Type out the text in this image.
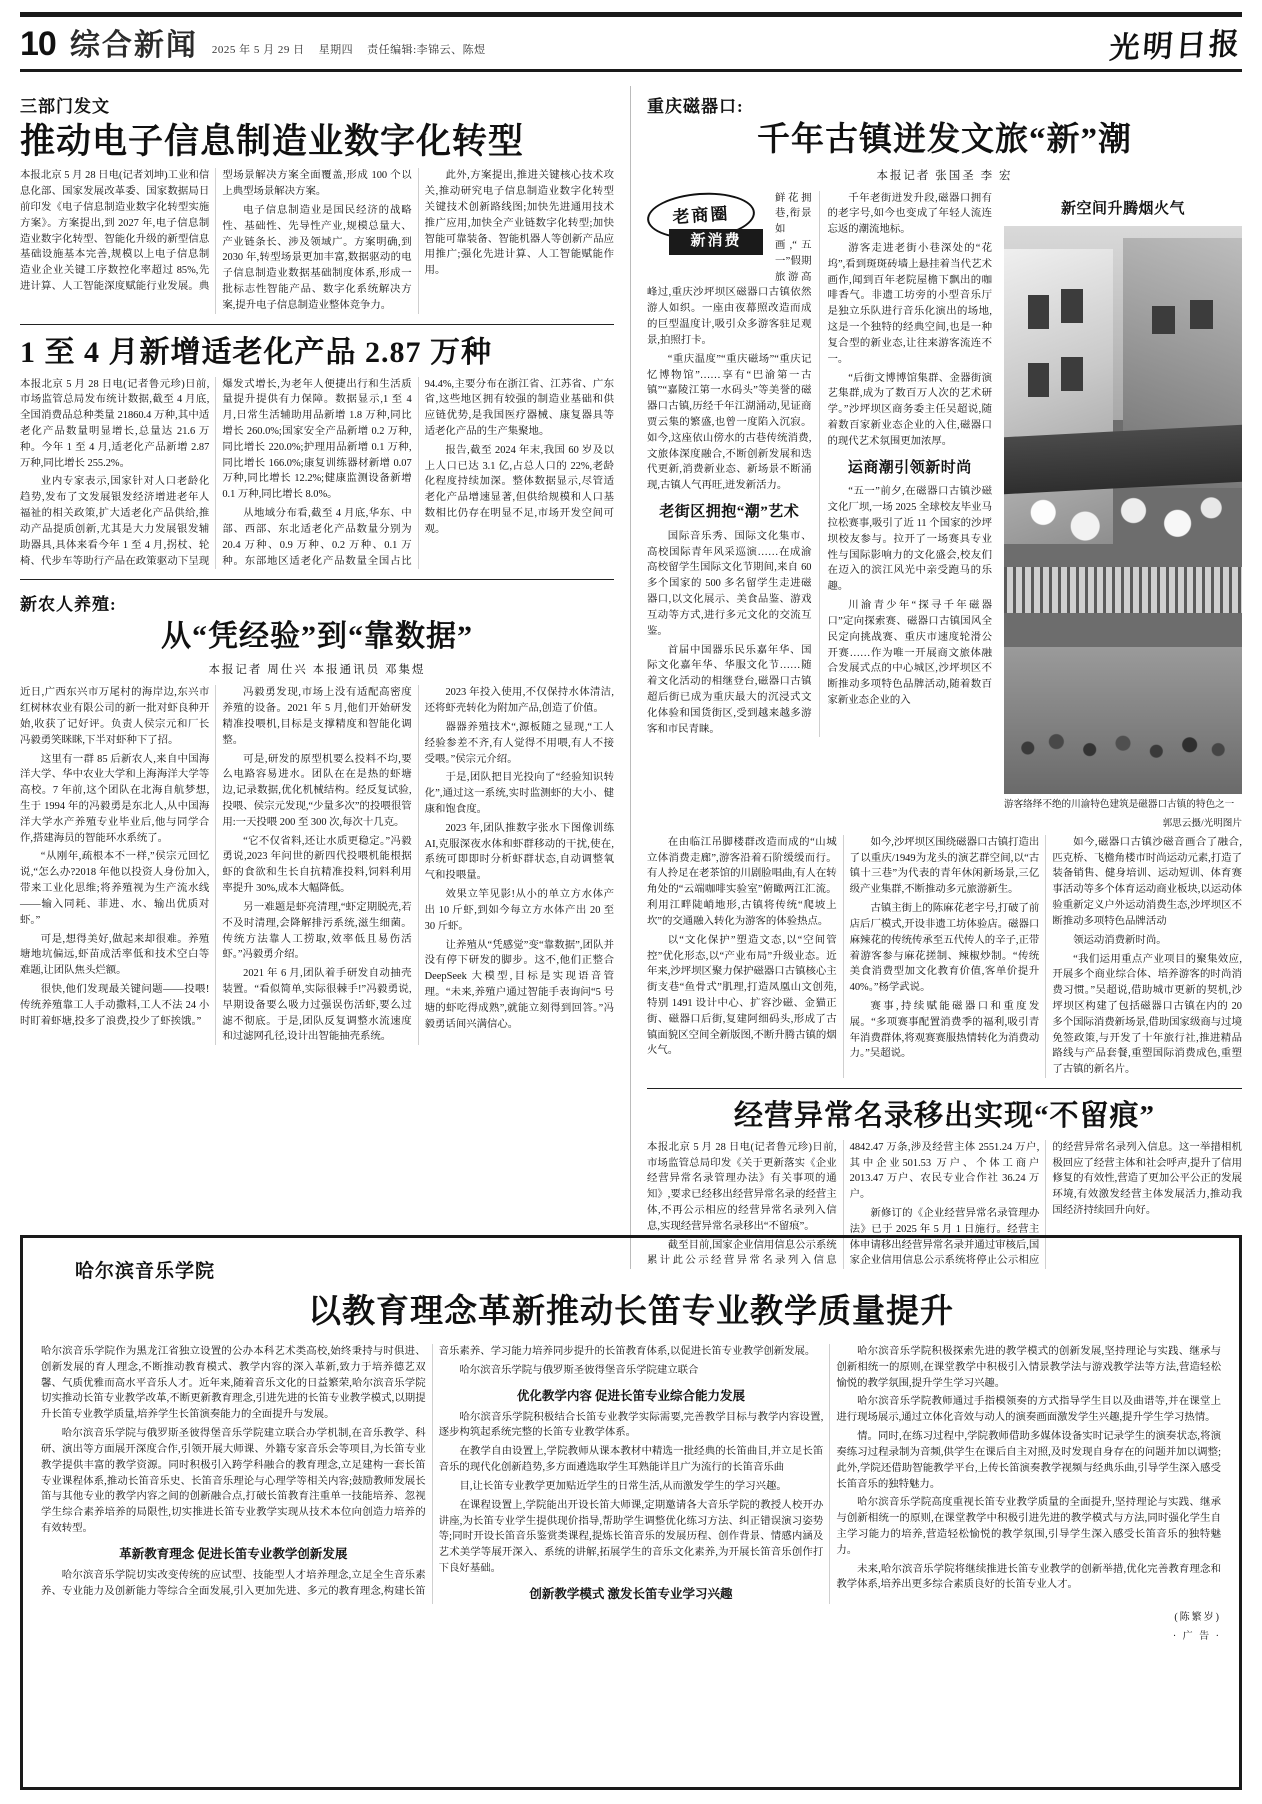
10 综合新闻 2025 年 5 月 29 日 星期四 责任编辑:李锦云、陈煜	光明日报
三部门发文
推动电子信息制造业数字化转型

本报北京 5 月 28 日电(记者刘坤)工业和信息化部、国家发展改革委、国家数据局日前印发《电子信息制造业数字化转型实施方案》。方案提出,到 2027 年,电子信息制造业数字化转型、智能化升级的新型信息基础设施基本完善,规模以上电子信息制造业企业关键工序数控化率超过 85%,先进计算、人工智能深度赋能行业发展。典型场景解决方案全面覆盖,形成 100 个以上典型场景解决方案。

电子信息制造业是国民经济的战略性、基础性、先导性产业,规模总量大、产业链条长、涉及领域广。方案明确,到 2030 年,转型场景更加丰富,数据驱动的电子信息制造业数据基础制度体系,形成一批标志性智能产品、数字化系统解决方案,提升电子信息制造业整体竞争力。

此外,方案提出,推进关键核心技术攻关,推动研究电子信息制造业数字化转型关键技术创新路线图;加快先进通用技术推广应用,加快全产业链数字化转型;加快智能可靠装备、智能机器人等创新产品应用推广;强化先进计算、人工智能赋能作用。

1 至 4 月新增适老化产品 2.87 万种

本报北京 5 月 28 日电(记者鲁元珍)日前,市场监管总局发布统计数据,截至 4 月底,全国消费品总种类量 21860.4 万种,其中适老化产品数量明显增长,总量达 21.6 万种。今年 1 至 4 月,适老化产品新增 2.87 万种,同比增长 255.2%。

业内专家表示,国家针对人口老龄化趋势,发布了文发展银发经济增进老年人福祉的相关政策,扩大适老化产品供给,推动产品提质创新,尤其是大力发展银发辅助器具,具体来看今年 1 至 4 月,拐杖、轮椅、代步车等助行产品在政策驱动下呈现爆发式增长,为老年人便捷出行和生活质量提升提供有力保障。数据显示,1 至 4 月,日常生活辅助用品新增 1.8 万种,同比增长 260.0%;国家安全产品新增 0.2 万种,同比增长 220.0%;护理用品新增 0.1 万种,同比增长 166.0%;康复训练器材新增 0.07 万种,同比增长 12.2%;健康监测设备新增 0.1 万种,同比增长 8.0%。

从地域分布看,截至 4 月底,华东、中部、西部、东北适老化产品数量分别为 20.4 万种、0.9 万种、0.2 万种、0.1 万种。东部地区适老化产品数量全国占比 94.4%,主要分布在浙江省、江苏省、广东省,这些地区拥有较强的制造业基础和供应链优势,是我国医疗器械、康复器具等适老化产品的生产集聚地。

报告,截至 2024 年末,我国 60 岁及以上人口已达 3.1 亿,占总人口的 22%,老龄化程度持续加深。整体数据显示,尽管适老化产品增速显著,但供给规模和人口基数相比仍存在明显不足,市场开发空间可观。

新农人养殖:
从“凭经验”到“靠数据”
本报记者 周仕兴 本报通讯员 邓集煜

近日,广西东兴市万尾村的海岸边,东兴市红树林农业有限公司的新一批对虾良种开始,收获了记好评。负责人侯宗元和厂长冯毅勇笑眯眯,下半对虾种下了招。

这里有一群 85 后新农人,来自中国海洋大学、华中农业大学和上海海洋大学等高校。7 年前,这个团队在北海自航梦想,生于 1994 年的冯毅勇是东北人,从中国海洋大学水产养殖专业毕业后,他与同学合作,搭建海员的智能环水系统了。

“从刚年,疏根本不一样,”侯宗元回忆说,“怎么办?2018 年他以投资人身份加入,带来工业化思维;将养殖视为生产流水线——输入同耗、菲进、水、输出优质对虾。”

可是,想得美好,做起来却很难。养殖塘地坑偏远,虾苗成活率低和技术空白等难题,让团队焦头烂额。

很快,他们发现最关键问题——投喂!传统养殖靠工人手动撒料,工人不法 24 小时盯着虾塘,投多了浪费,投少了虾挨饿。”

冯毅勇发现,市场上没有适配高密度养殖的设备。2021 年 5 月,他们开始研发精准投喂机,目标是支撑精度和智能化调整。

可是,研发的原型机要么投料不均,要么电路容易进水。团队在在是热的虾塘边,记录数据,优化机械结构。经反复试验,投喂、侯宗元发现,“少量多次”的投喂很管用:一天投喂 200 至 300 次,每次十几克。

“它不仅省料,还让水质更稳定。”冯毅勇说,2023 年问世的新四代投喂机能根据虾的食欲和生长自抗精准投料,饲料利用率提升 30%,成本大幅降低。

另一难题是虾亮清理,“虾定期脱壳,若不及时清理,会降解排污系统,滋生细菌。传统方法靠人工捞取,效率低且易伤活虾。”冯毅勇介绍。

2021 年 6 月,团队着手研发自动抽壳装置。“看似简单,实际很棘手!”冯毅勇说,早期设备要么吸力过强误伤活虾,要么过滤不彻底。于是,团队反复调整水流速度和过滤网孔径,设计出智能抽壳系统。

2023 年投入使用,不仅保持水体清洁,还将虾壳转化为附加产品,创造了价值。

器器养殖技术“,源板随之显现,“工人经验参差不齐,有人觉得不用喂,有人不接受喂。”侯宗元介绍。

于是,团队把目光投向了“经验知识转化”,通过这一系统,实时监测虾的大小、健康和饱食度。

2023 年,团队推数字张水下图像训练 AI,克服深夜水体和虾群移动的干扰,使在,系统可即即时分析虾群状态,自动调整氧气和投喂量。

效果立竿见影!从小的单立方水体产出 10 斤虾,到如今每立方水体产出 20 至 30 斤虾。

让养殖从“凭感觉”变“靠数据”,团队并没有停下研发的脚步。这不,他们正整合 DeepSeek 大模型,目标是实现语音管理。“未来,养殖户通过智能手表询问“5 号塘的虾吃得成熟”,就能立刻得到回答。”冯毅勇话间兴满信心。

重庆磁器口:
千年古镇迸发文旅“新”潮
本报记者 张国圣 李 宏
老商圈
新消费

鲜花拥巷,衔景如画,“五一”假期旅游高峰过,重庆沙坪坝区磁器口古镇依然游人如织。一座由夜幕照改造而成的巨型温度计,吸引众多游客驻足观景,拍照打卡。

“重庆温度”“重庆磁场”“重庆记忆博物馆”……享有“巴渝第一古镇”“嘉陵江第一水码头”等美誉的磁器口古镇,历经千年江湖涌动,见证商贾云集的繁盛,也曾一度陷入沉寂。如今,这座依山傍水的古巷传统消费,文旅体深度融合,不断创新发展和迭代更新,消费新业态、新场景不断涌现,古镇人气再旺,迸发新活力。

老街区拥抱“潮”艺术

国际音乐秀、国际文化集市、高校国际青年风采巡演……在成渝高校留学生国际文化节期间,来自 60 多个国家的 500 多名留学生走进磁器口,以文化展示、美食品鉴、游戏互动等方式,进行多元文化的交流互鉴。

首届中国器乐民乐嘉年华、国际文化嘉年华、华服文化节……随着文化活动的相继登台,磁器口古镇超后街已成为重庆最大的沉浸式文化体验和国货街区,受到越来越多游客和市民青睐。

千年老街迸发升段,磁器口拥有的老字号,如今也变成了年轻人流连忘返的潮流地标。

游客走进老街小巷深处的“花坞”,看到斑斑砖墙上悬挂着当代艺术画作,闻到百年老院屋檐下飘出的咖啡香气。非遗工坊旁的小型音乐厅是独立乐队进行音乐化演出的场地,这是一个独特的经典空间,也是一种复合型的新业态,让往来游客流连不一。

“后街文博博馆集群、金器街演艺集群,成为了数百万人次的艺术研学。”沙坪坝区商务委主任吴超说,随着数百家新业态企业的入住,磁器口的现代艺术氛围更加浓厚。

运商潮引领新时尚

“五一”前夕,在磁器口古镇沙磁文化厂坝,一场 2025 全球校友毕业马拉松赛事,吸引了近 11 个国家的沙坪坝校友参与。拉开了一场赛具专业性与国际影响力的文化盛会,校友们在迈入的滨江风光中亲受跑马的乐趣。

川渝青少年“探寻千年磁器口”定向探索赛、磁器口古镇国风全民定向挑战赛、重庆市速度轮滑公开赛……作为唯一开展商文旅体融合发展式点的中心城区,沙坪坝区不断推动多项特色品牌活动,随着数百家新业态企业的入

新空间升腾烟火气
游客络绎不绝的川渝特色建筑是磁器口古镇的特色之一
郭思云摄/光明图片

在由临江吊脚楼群改造而成的“山城立体消费走廊”,游客沿着石阶缓缓而行。有人拎足在老茶馆的川剧脸唱曲,有人在转角处的“云端咖啡实验室”俯瞰两江汇流。利用江畔陡峭地形,古镇将传统“爬坡上坎”的交通融入转化为游客的体验热点。

以“文化保护”塑造文态,以“空间管控”优化形态,以“产业布局”升级业态。近年来,沙坪坝区聚力保护磁器口古镇核心主街支巷“鱼骨式”肌理,打造凤凰山文创苑,特别 1491 设计中心、扩容沙磁、金猫正街、磁器口后街,复建阿细码头,形成了古镇面貌区空间全新版图,不断升腾古镇的烟火气。

如今,沙坪坝区围绕磁器口古镇打造出了以重庆/1949为龙头的演艺群空间,以“古镇十三巷”为代表的青年休闲新场景,三亿级产业集群,不断推动多元旅游新生。

古镇主街上的陈麻花老字号,打破了前店后厂模式,开设非遗工坊体验店。磁器口麻辣花的传统传承至五代传人的辛子,正带着游客参与麻花搓制、辣椒炒制。“传统美食消费型加文化教育价值,客单价提升 40%。”杨学武说。

赛事,持续赋能磁器口和重度发展。“多项赛事配置消费季的福利,吸引青年消费群体,将观赛赛服热情转化为消费动力。”吴超说。

如今,磁器口古镇沙磁音画合了融合,匹克桥、飞檐角楼市时尚运动元素,打造了装备销售、健身培训、运动短训、体育赛事活动等多个体育运动商业板块,以运动体验重新定义户外运动消费生态,沙坪坝区不断推动多项特色品牌活动

领运动消费新时尚。

“我们运用重点产业项目的聚集效应,开展多个商业综合体、培养游客的时尚消费习惯。”吴超说,借助城市更新的契机,沙坪坝区构建了包括磁器口古镇在内的 20 多个国际消费新场景,借助国家级商与过境免签政策,与开发了十年旅行社,推进精品路线与产品套餐,重塑国际消费成色,重塑了古镇的新名片。

经营异常名录移出实现“不留痕”

本报北京 5 月 28 日电(记者鲁元珍)日前,市场监管总局印发《关于更新落实《企业经营异常名录管理办法》有关事项的通知》,要求已经移出经营异常名录的经营主体,不再公示相应的经营异常名录列入信息,实现经营异常名录移出“不留痕”。

截至目前,国家企业信用信息公示系统累计此公示经营异常名录列入信息 4842.47 万条,涉及经营主体 2551.24 万户,其中企业501.53 万户、个体工商户 2013.47 万户、农民专业合作社 36.24 万户。

新修订的《企业经营异常名录管理办法》已于 2025 年 5 月 1 日施行。经营主体申请移出经营异常名录并通过审核后,国家企业信用信息公示系统将停止公示相应的经营异常名录列入信息。这一举措相机极回应了经营主体和社会呼声,提升了信用修复的有效性,营造了更加公平公正的发展环境,有效激发经营主体发展活力,推动我国经济持续回升向好。

哈尔滨音乐学院
以教育理念革新推动长笛专业教学质量提升

哈尔滨音乐学院作为黑龙江省独立设置的公办本科艺术类高校,始终秉持与时俱进、创新发展的育人理念,不断推动教育模式、教学内容的深入革新,致力于培养德艺双馨、气质优雅而高水平音乐人才。近年来,随着音乐文化的日益繁荣,哈尔滨音乐学院切实推动长笛专业教学改革,不断更新教育理念,引进先进的长笛专业教学模式,以期提升长笛专业教学质量,培养学生长笛演奏能力的全面提升与发展。

哈尔滨音乐学院与俄罗斯圣彼得堡音乐学院建立联合办学机制,在音乐教学、科研、演出等方面展开深度合作,引领开展大师课、外籍专家音乐会等项目,为长笛专业教学提供丰富的教学资源。同时积极引入跨学科融合的教育理念,立足建构一套长笛专业课程体系,推动长笛音乐史、长笛音乐理论与心理学等相关内容;鼓励教师发展长笛与其他专业的教学内容之间的创新融合点,打破长笛教育注重单一技能培养、忽视学生综合素养培养的局限性,切实推进长笛专业教学实现从技术本位向创造力培养的有效转型。

革新教育理念 促进长笛专业教学创新发展

哈尔滨音乐学院切实改变传统的应试型、技能型人才培养理念,立足全生音乐素养、专业能力及创新能力等综合全面发展,引入更加先进、多元的教育理念,构建长笛音乐素养、学习能力培养同步提升的长笛教育体系,以促进长笛专业教学创新发展。

哈尔滨音乐学院与俄罗斯圣彼得堡音乐学院建立联合

优化教学内容 促进长笛专业综合能力发展

哈尔滨音乐学院积极结合长笛专业教学实际需要,完善教学目标与教学内容设置,逐步构筑起系统完整的长笛专业教学体系。

在教学自由设置上,学院教师从课本教材中精选一批经典的长笛曲目,并立足长笛音乐的现代化创新趋势,多方面遴选取学生耳熟能详且广为流行的长笛音乐曲

目,让长笛专业教学更加贴近学生的日常生活,从而激发学生的学习兴趣。

在课程设置上,学院能出开设长笛大师课,定期邀请各大音乐学院的教授人校开办讲座,为长笛专业学生提供现价指导,帮助学生调整优化练习方法、纠正错误演习姿势等;同时开设长笛音乐鉴赏类课程,提炼长笛音乐的发展历程、创作背景、情感内涵及艺术美学等展开深入、系统的讲解,拓展学生的音乐文化素养,为开展长笛音乐创作打下良好基础。

创新教学模式 激发长笛专业学习兴趣

哈尔滨音乐学院积极探索先进的教学模式的创新发展,坚持理论与实践、继承与创新相统一的原则,在课堂教学中积极引入情景教学法与游戏教学法等方法,营造轻松愉悦的教学氛围,提升学生学习兴趣。

哈尔滨音乐学院教师通过手指模领奏的方式指导学生目以及曲谱等,并在课堂上进行现场展示,通过立体化音效与动人的演奏画面激发学生兴趣,提升学生学习热情。

情。同时,在练习过程中,学院教师借助多媒体设备实时记录学生的演奏状态,将演奏练习过程录制为音频,供学生在课后自主对照,及时发现自身存在的问题并加以调整;此外,学院还借助智能教学平台,上传长笛演奏教学视频与经典乐曲,引导学生深入感受长笛音乐的独特魅力。

哈尔滨音乐学院高度重视长笛专业教学质量的全面提升,坚持理论与实践、继承与创新相统一的原则,在课堂教学中积极引进先进的教学模式与方法,同时强化学生自主学习能力的培养,营造轻松愉悦的教学氛围,引导学生深入感受长笛音乐的独特魅力。

未来,哈尔滨音乐学院将继续推进长笛专业教学的创新举措,优化完善教育理念和教学体系,培养出更多综合素质良好的长笛专业人才。

(陈繁岁)
· 广 告 ·
